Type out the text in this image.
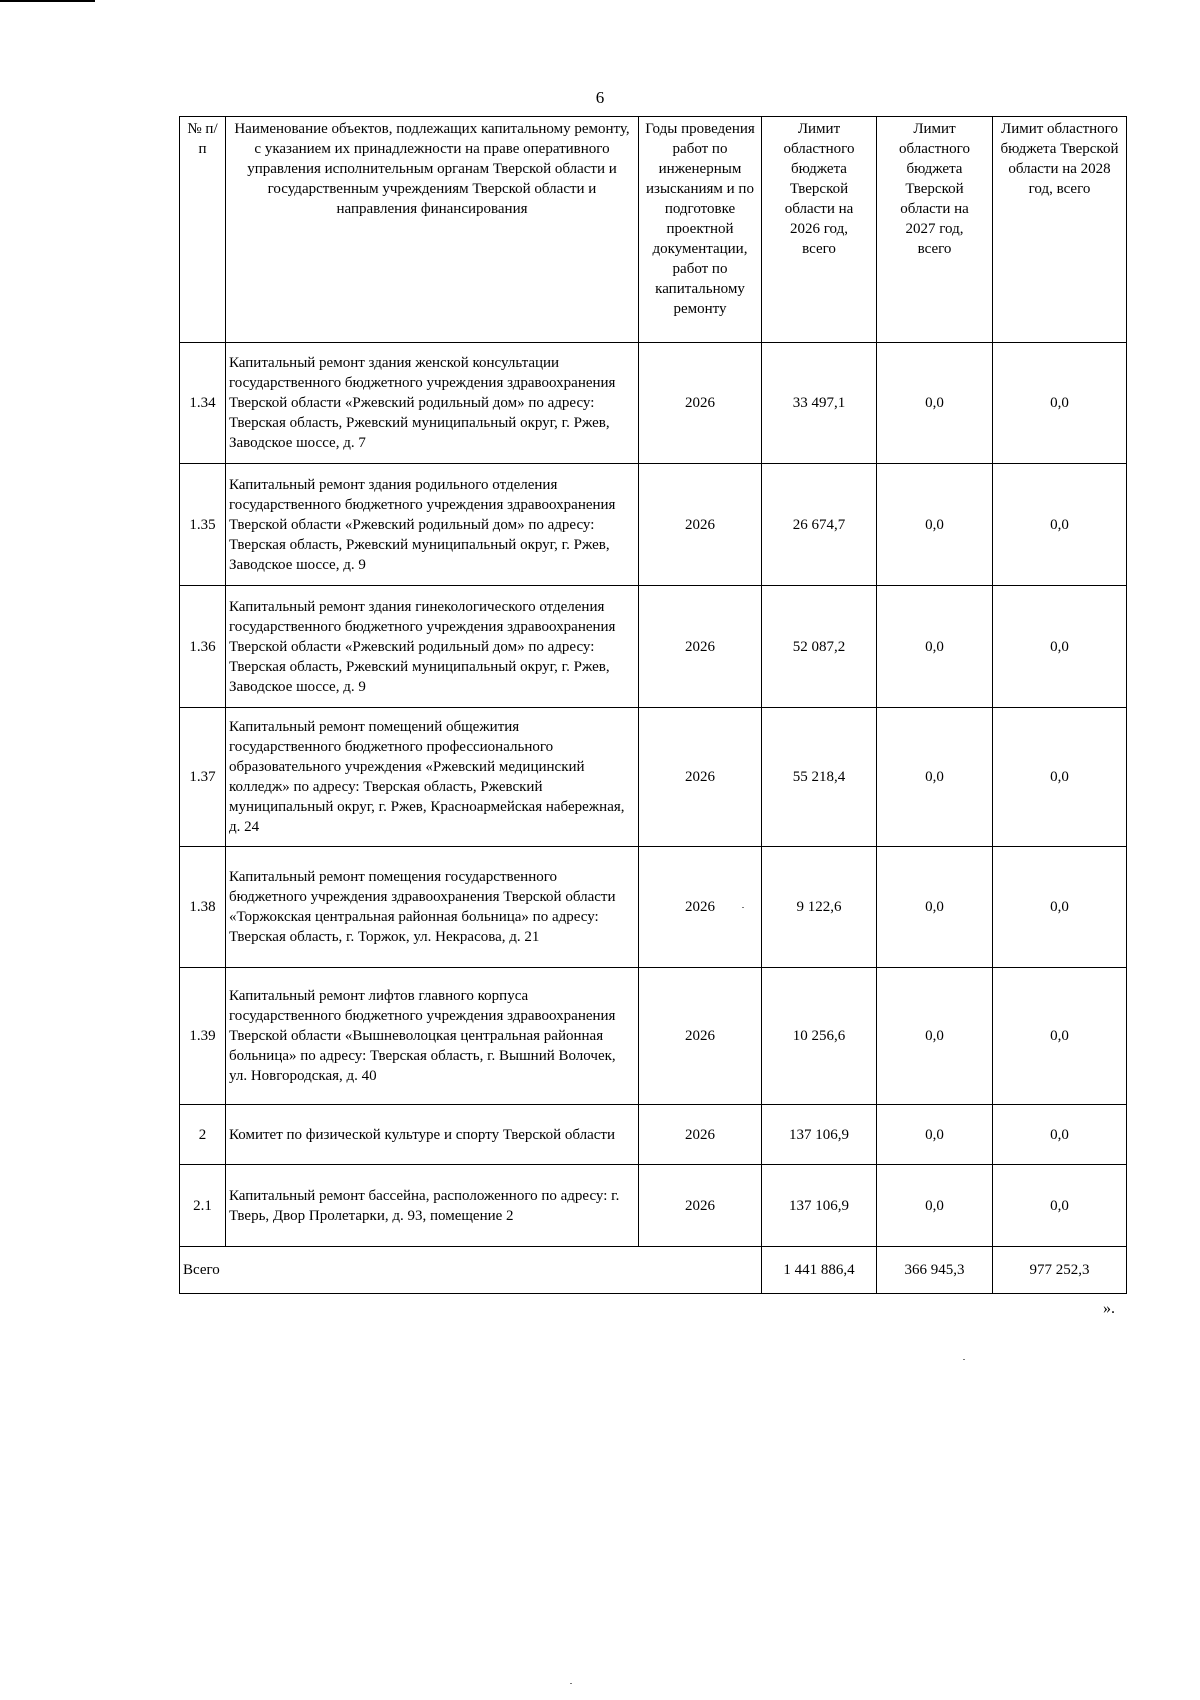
6
№ п/п	Наименование объектов, подлежащих капитальному ремонту, с указанием их принадлежности на праве оперативного управления исполнительным органам Тверской области и государственным учреждениям Тверской области и направления финансирования	Годы проведения работ по инженерным изысканиям и по подготовке проектной документации, работ по капитальному ремонту	Лимит областного бюджета Тверской области на 2026 год, всего	Лимит областного бюджета Тверской области на 2027 год, всего	Лимит областного бюджета Тверской области на 2028 год, всего
1.34	Капитальный ремонт здания женской консультации государственного бюджетного учреждения здравоохранения Тверской области «Ржевский родильный дом» по адресу: Тверская область, Ржевский муниципальный округ, г. Ржев, Заводское шоссе, д. 7	2026	33 497,1	0,0	0,0
1.35	Капитальный ремонт здания родильного отделения государственного бюджетного учреждения здравоохранения Тверской области «Ржевский родильный дом» по адресу: Тверская область, Ржевский муниципальный округ, г. Ржев, Заводское шоссе, д. 9	2026	26 674,7	0,0	0,0
1.36	Капитальный ремонт здания гинекологического отделения государственного бюджетного учреждения здравоохранения Тверской области «Ржевский родильный дом» по адресу: Тверская область, Ржевский муниципальный округ, г. Ржев, Заводское шоссе, д. 9	2026	52 087,2	0,0	0,0
1.37	Капитальный ремонт помещений общежития государственного бюджетного профессионального образовательного учреждения «Ржевский медицинский колледж» по адресу: Тверская область, Ржевский муниципальный округ, г. Ржев, Красноармейская набережная, д. 24	2026	55 218,4	0,0	0,0
1.38	Капитальный ремонт помещения государственного бюджетного учреждения здравоохранения Тверской области «Торжокская центральная районная больница» по адресу: Тверская область, г. Торжок, ул. Некрасова, д. 21	2026	9 122,6	0,0	0,0
1.39	Капитальный ремонт лифтов главного корпуса государственного бюджетного учреждения здравоохранения Тверской области «Вышневолоцкая центральная районная больница» по адресу: Тверская область, г. Вышний Волочек, ул. Новгородская, д. 40	2026	10 256,6	0,0	0,0
2	Комитет по физической культуре и спорту Тверской области	2026	137 106,9	0,0	0,0
2.1	Капитальный ремонт бассейна, расположенного по адресу: г. Тверь, Двор Пролетарки, д. 93, помещение 2	2026	137 106,9	0,0	0,0
Всего			1 441 886,4	366 945,3	977 252,3
».
